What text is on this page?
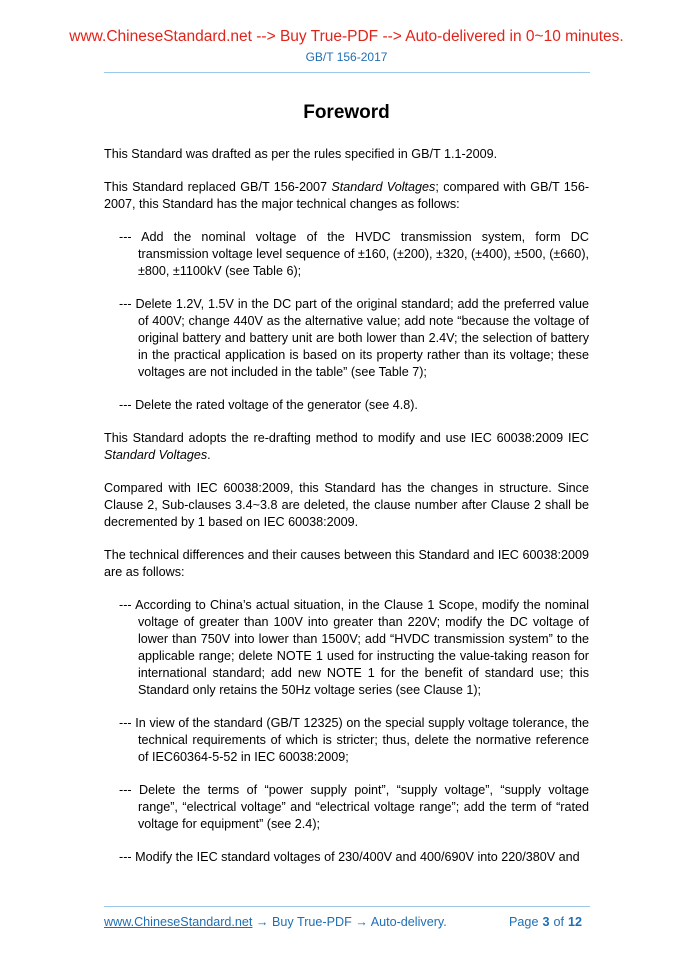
www.ChineseStandard.net --> Buy True-PDF --> Auto-delivered in 0~10 minutes.
GB/T 156-2017
Foreword

This Standard was drafted as per the rules specified in GB/T 1.1-2009.

This Standard replaced GB/T 156-2007 Standard Voltages; compared with GB/T 156-2007, this Standard has the major technical changes as follows:

--- Add the nominal voltage of the HVDC transmission system, form DC transmission voltage level sequence of ±160, (±200), ±320, (±400), ±500, (±660), ±800, ±1100kV (see Table 6);

--- Delete 1.2V, 1.5V in the DC part of the original standard; add the preferred value of 400V; change 440V as the alternative value; add note “because the voltage of original battery and battery unit are both lower than 2.4V; the selection of battery in the practical application is based on its property rather than its voltage; these voltages are not included in the table” (see Table 7);

--- Delete the rated voltage of the generator (see 4.8).

This Standard adopts the re-drafting method to modify and use IEC 60038:2009 IEC Standard Voltages.

Compared with IEC 60038:2009, this Standard has the changes in structure. Since Clause 2, Sub-clauses 3.4~3.8 are deleted, the clause number after Clause 2 shall be decremented by 1 based on IEC 60038:2009.

The technical differences and their causes between this Standard and IEC 60038:2009 are as follows:

--- According to China’s actual situation, in the Clause 1 Scope, modify the nominal voltage of greater than 100V into greater than 220V; modify the DC voltage of lower than 750V into lower than 1500V; add “HVDC transmission system” to the applicable range; delete NOTE 1 used for instructing the value-taking reason for international standard; add new NOTE 1 for the benefit of standard use; this Standard only retains the 50Hz voltage series (see Clause 1);

--- In view of the standard (GB/T 12325) on the special supply voltage tolerance, the technical requirements of which is stricter; thus, delete the normative reference of IEC60364-5-52 in IEC 60038:2009;

--- Delete the terms of “power supply point”, “supply voltage”, “supply voltage range”, “electrical voltage” and “electrical voltage range”; add the term of “rated voltage for equipment” (see 2.4);

--- Modify the IEC standard voltages of 230/400V and 400/690V into 220/380V and

www.ChineseStandard.net → Buy True-PDF → Auto-delivery.	Page 3 of 12
